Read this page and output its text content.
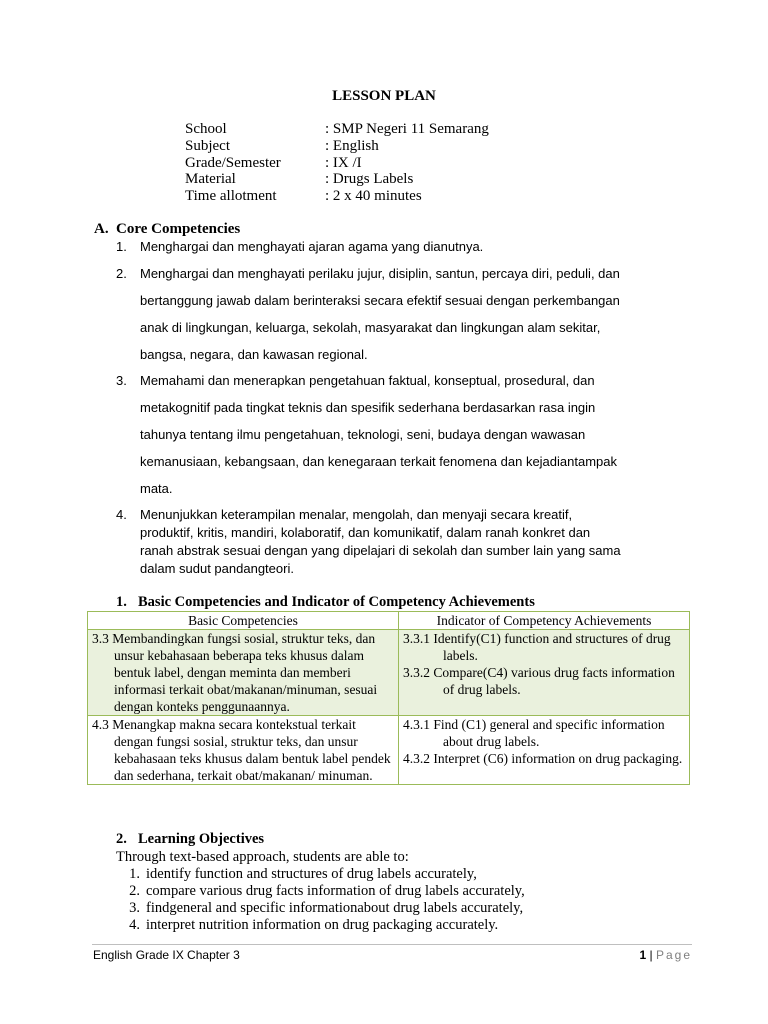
LESSON PLAN
School	: SMP Negeri 11 Semarang
Subject	: English
Grade/Semester	: IX /I
Material	: Drugs Labels
Time allotment	: 2 x 40 minutes
A. Core Competencies
1. Menghargai dan menghayati ajaran agama yang dianutnya.
2. Menghargai dan menghayati perilaku jujur, disiplin, santun, percaya diri, peduli, dan
bertanggung jawab dalam berinteraksi secara efektif sesuai dengan perkembangan
anak di lingkungan, keluarga, sekolah, masyarakat dan lingkungan alam sekitar,
bangsa, negara, dan kawasan regional.
3. Memahami dan menerapkan pengetahuan faktual, konseptual, prosedural, dan
metakognitif pada tingkat teknis dan spesifik sederhana berdasarkan rasa ingin
tahunya tentang ilmu pengetahuan, teknologi, seni, budaya dengan wawasan
kemanusiaan, kebangsaan, dan kenegaraan terkait fenomena dan kejadiantampak
mata.
4. Menunjukkan keterampilan menalar, mengolah, dan menyaji secara kreatif,
produktif, kritis, mandiri, kolaboratif, dan komunikatif, dalam ranah konkret dan
ranah abstrak sesuai dengan yang dipelajari di sekolah dan sumber lain yang sama
dalam sudut pandangteori.
1. Basic Competencies and Indicator of Competency Achievements
Basic Competencies	Indicator of Competency Achievements

3.3 Membandingkan fungsi sosial, struktur teks, dan unsur kebahasaan beberapa teks khusus dalam bentuk label, dengan meminta dan memberi informasi terkait obat/makanan/minuman, sesuai dengan konteks penggunaannya.	3.3.1 Identify(C1) function and structures of drug labels.
3.3.2 Compare(C4) various drug facts information of drug labels.

4.3 Menangkap makna secara kontekstual terkait dengan fungsi sosial, struktur teks, dan unsur kebahasaan teks khusus dalam bentuk label pendek dan sederhana, terkait obat/makanan/ minuman.	4.3.1 Find (C1) general and specific information about drug labels.
4.3.2 Interpret (C6) information on drug packaging.
2. Learning Objectives
Through text-based approach, students are able to:
1. identify function and structures of drug labels accurately,
2. compare various drug facts information of drug labels accurately,
3. findgeneral and specific informationabout drug labels accurately,
4. interpret nutrition information on drug packaging accurately.
English Grade IX Chapter 3	1 | Page
